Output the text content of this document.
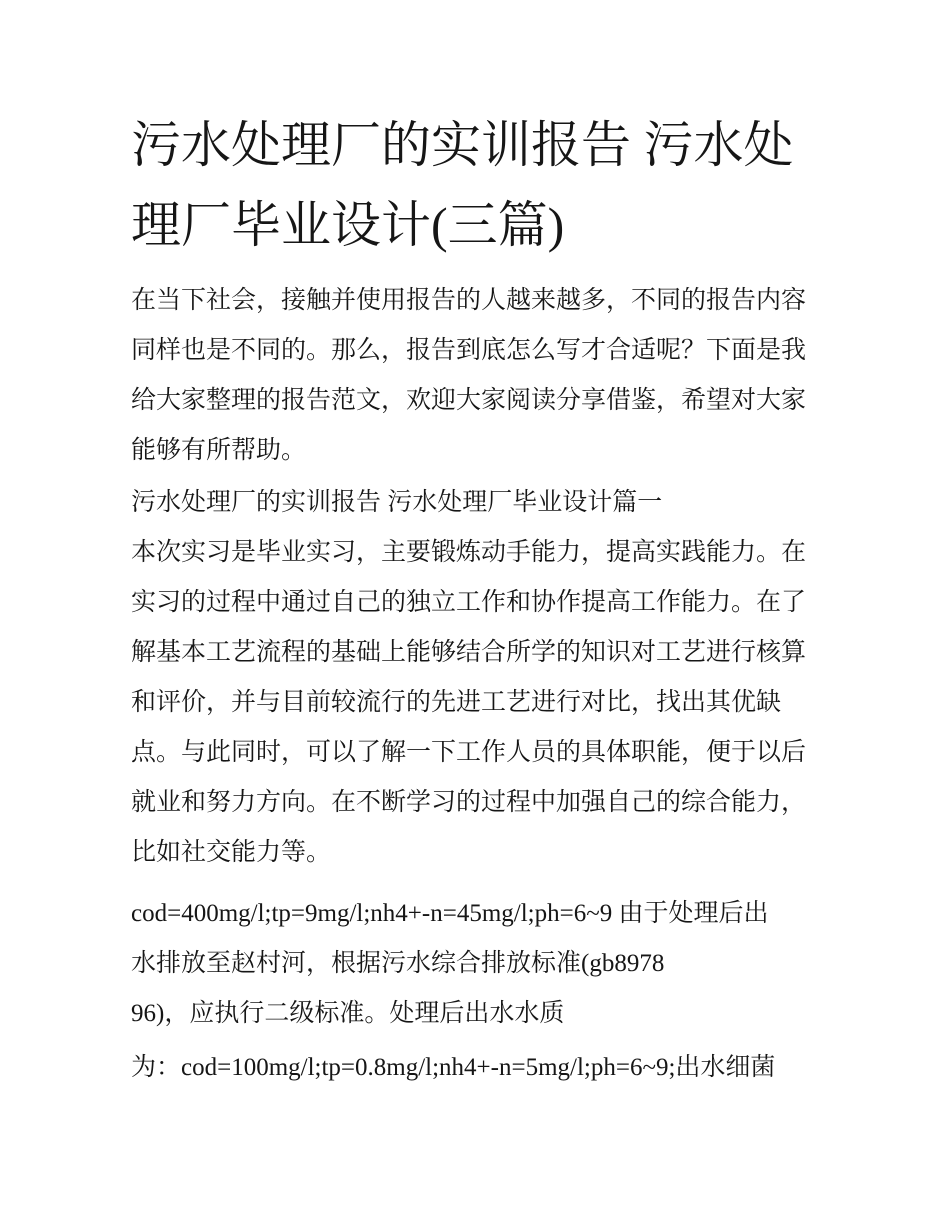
污水处理厂的实训报告 污水处
理厂毕业设计(三篇)
在当下社会，接触并使用报告的人越来越多，不同的报告内容
同样也是不同的。那么，报告到底怎么写才合适呢？下面是我
给大家整理的报告范文，欢迎大家阅读分享借鉴，希望对大家
能够有所帮助。
污水处理厂的实训报告 污水处理厂毕业设计篇一
本次实习是毕业实习，主要锻炼动手能力，提高实践能力。在
实习的过程中通过自己的独立工作和协作提高工作能力。在了
解基本工艺流程的基础上能够结合所学的知识对工艺进行核算
和评价，并与目前较流行的先进工艺进行对比，找出其优缺
点。与此同时，可以了解一下工作人员的具体职能，便于以后
就业和努力方向。在不断学习的过程中加强自己的综合能力，
比如社交能力等。
cod=400mg/l;tp=9mg/l;nh4+-n=45mg/l;ph=6~9 由于处理后出
水排放至赵村河，根据污水综合排放标准(gb8978
96)，应执行二级标准。处理后出水水质
为：cod=100mg/l;tp=0.8mg/l;nh4+-n=5mg/l;ph=6~9;出水细菌
